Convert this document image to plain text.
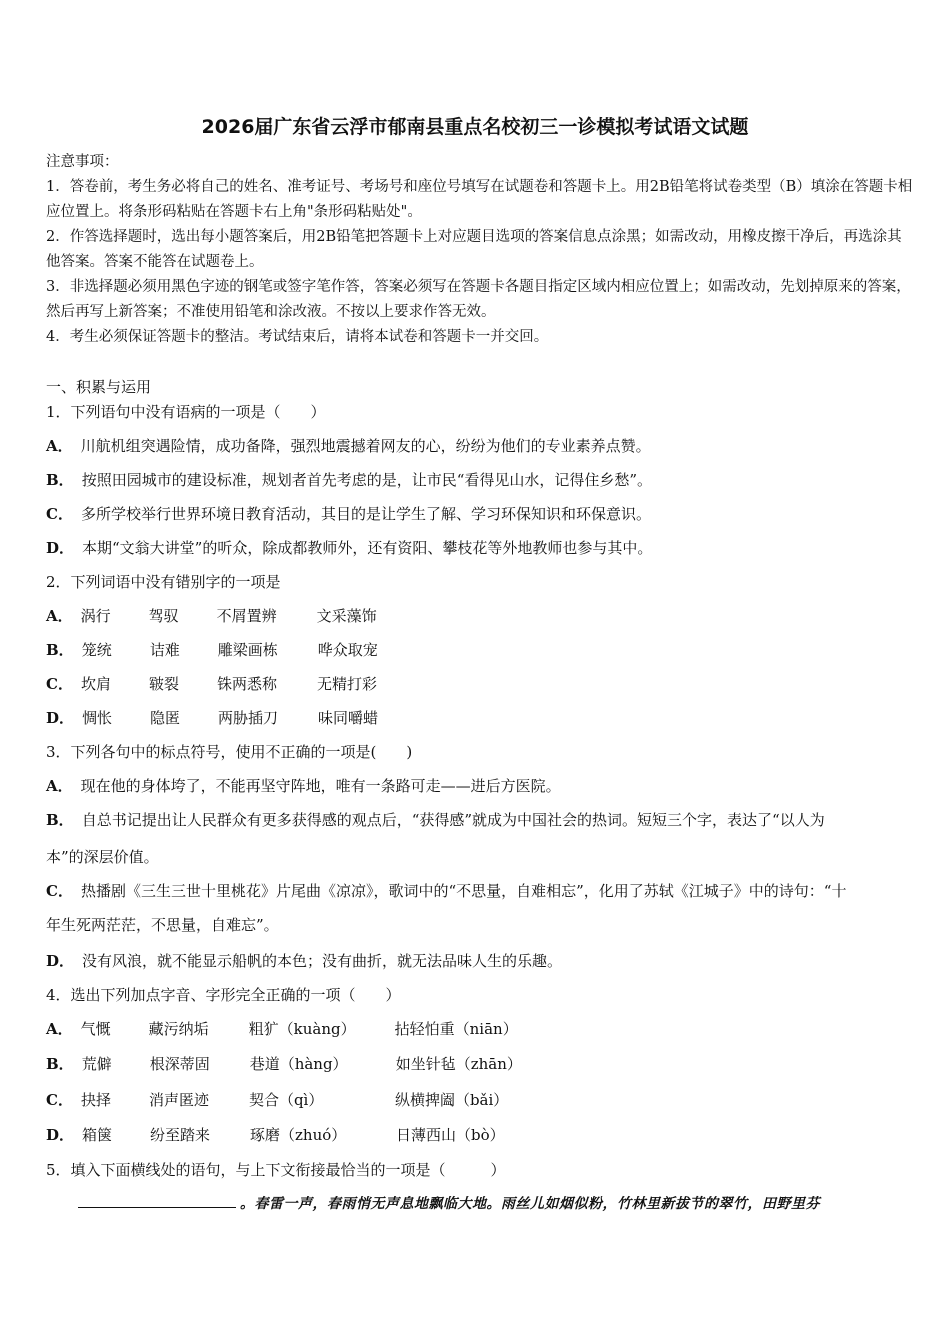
2026届广东省云浮市郁南县重点名校初三一诊模拟考试语文试题

注意事项：

1．答卷前，考生务必将自己的姓名、准考证号、考场号和座位号填写在试题卷和答题卡上。用2B铅笔将试卷类型（B）填涂在答题卡相应位置上。将条形码粘贴在答题卡右上角"条形码粘贴处"。

2．作答选择题时，选出每小题答案后，用2B铅笔把答题卡上对应题目选项的答案信息点涂黑；如需改动，用橡皮擦干净后，再选涂其他答案。答案不能答在试题卷上。

3．非选择题必须用黑色字迹的钢笔或签字笔作答，答案必须写在答题卡各题目指定区域内相应位置上；如需改动，先划掉原来的答案，然后再写上新答案；不准使用铅笔和涂改液。不按以上要求作答无效。

4．考生必须保证答题卡的整洁。考试结束后，请将本试卷和答题卡一并交回。

一、积累与运用
1．下列语句中没有语病的一项是（　　）
A． 川航机组突遇险情，成功备降，强烈地震撼着网友的心，纷纷为他们的专业素养点赞。
B． 按照田园城市的建设标准，规划者首先考虑的是，让市民“看得见山水，记得住乡愁”。
C． 多所学校举行世界环境日教育活动，其目的是让学生了解、学习环保知识和环保意识。
D． 本期“文翁大讲堂”的听众，除成都教师外，还有资阳、攀枝花等外地教师也参与其中。
2．下列词语中没有错别字的一项是
A． 涡行	驾驭	不屑置辨	文采藻饰
B． 笼统	诘难	雕梁画栋	哗众取宠
C． 坎肩	皲裂	铢两悉称	无精打彩
D． 惆怅	隐匿	两胁插刀	味同嚼蜡
3．下列各句中的标点符号，使用不正确的一项是(　　)
A． 现在他的身体垮了，不能再坚守阵地，唯有一条路可走——进后方医院。
B． 自总书记提出让人民群众有更多获得感的观点后，“获得感”就成为中国社会的热词。短短三个字，表达了“以人为
本”的深层价值。
C． 热播剧《三生三世十里桃花》片尾曲《凉凉》，歌词中的“不思量，自难相忘”，化用了苏轼《江城子》中的诗句：“十
年生死两茫茫，不思量，自难忘”。
D． 没有风浪，就不能显示船帆的本色；没有曲折，就无法品味人生的乐趣。
4．选出下列加点字音、字形完全正确的一项（　　）
A． 气慨	藏污纳垢	粗犷（kuàng）	拈轻怕重（niān）
B． 荒僻	根深蒂固	巷道（hàng）	如坐针毡（zhān）
C． 抉择	消声匿迹	契合（qì）	纵横捭阖（bǎi）
D． 箱箧	纷至踏来	琢磨（zhuó）	日薄西山（bò）
5．填入下面横线处的语句，与上下文衔接最恰当的一项是（　　　）
。春雷一声，春雨悄无声息地飘临大地。雨丝儿如烟似粉，竹林里新拔节的翠竹，田野里芬
